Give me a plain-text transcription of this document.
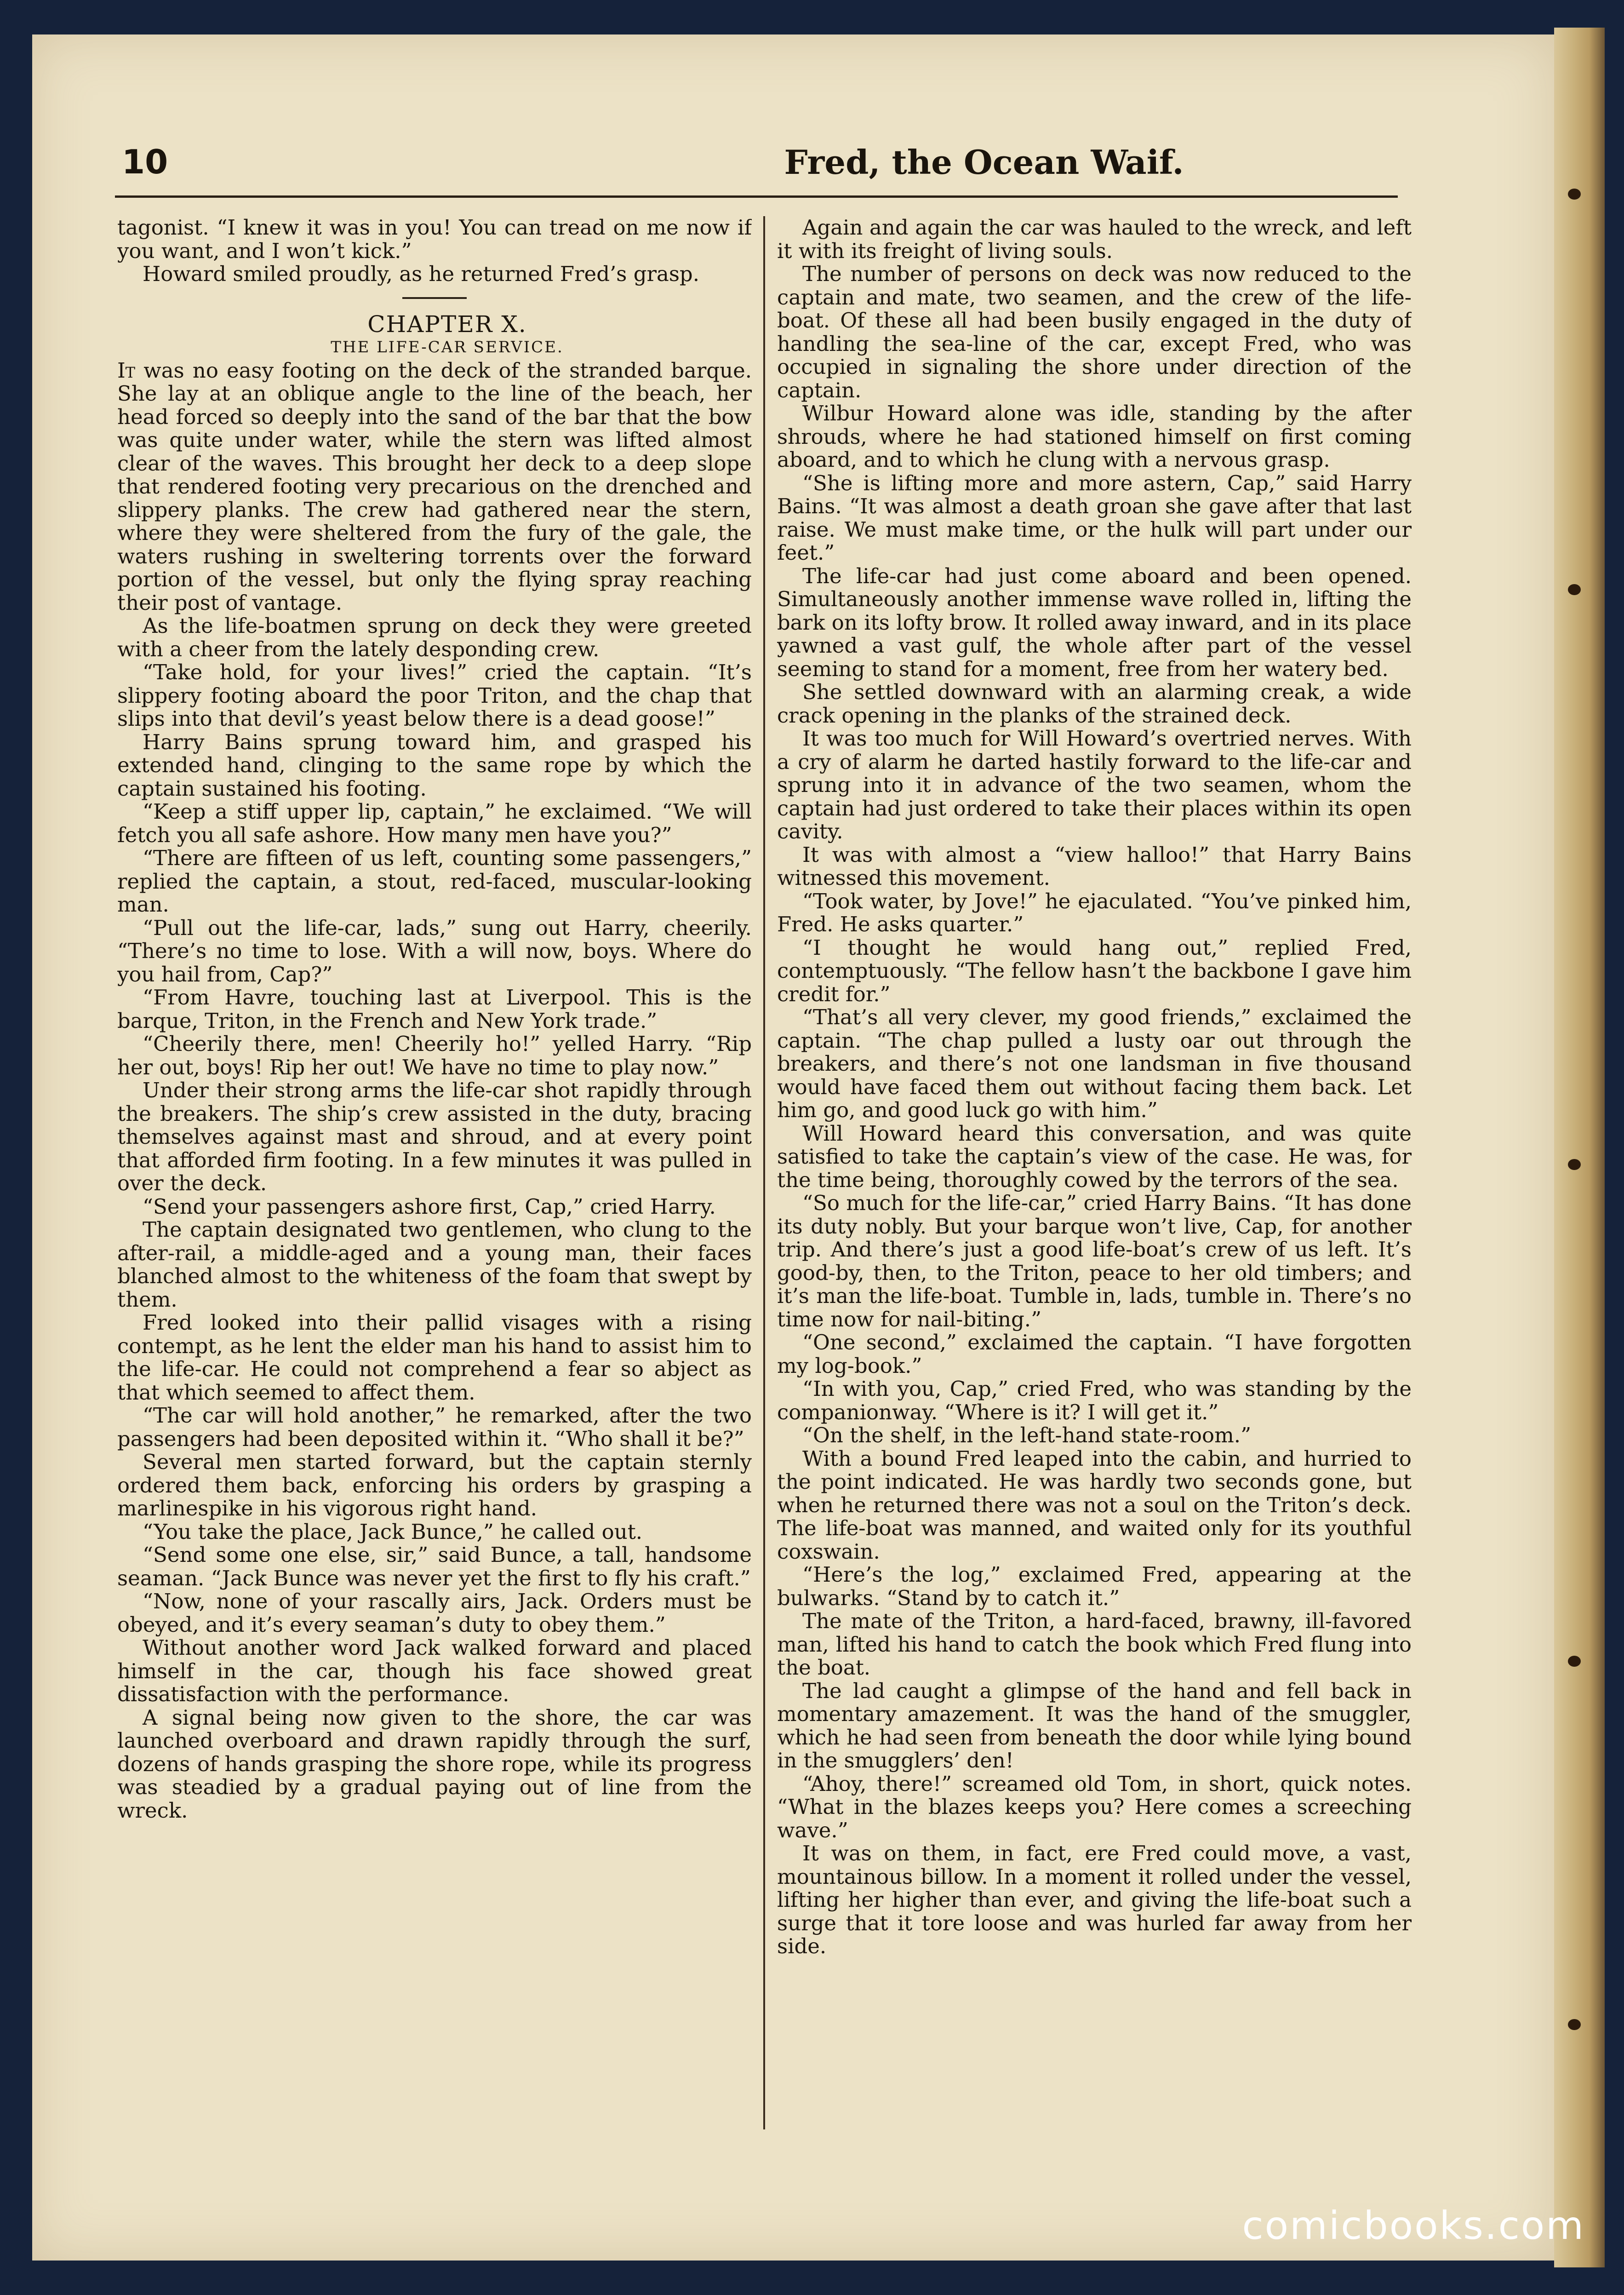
10	Fred, the Ocean Waif.

tagonist. “I knew it was in you! You can tread on me now if you want, and I won’t kick.”

Howard smiled proudly, as he returned Fred’s grasp.

CHAPTER X.

THE LIFE-CAR SERVICE.

It was no easy footing on the deck of the stranded barque. She lay at an oblique angle to the line of the beach, her head forced so deeply into the sand of the bar that the bow was quite under water, while the stern was lifted almost clear of the waves. This brought her deck to a deep slope that rendered footing very precarious on the drenched and slippery planks. The crew had gathered near the stern, where they were sheltered from the fury of the gale, the waters rushing in sweltering torrents over the forward portion of the vessel, but only the flying spray reaching their post of vantage.

As the life-boatmen sprung on deck they were greeted with a cheer from the lately desponding crew.

“Take hold, for your lives!” cried the captain. “It’s slippery footing aboard the poor Triton, and the chap that slips into that devil’s yeast below there is a dead goose!”

Harry Bains sprung toward him, and grasped his extended hand, clinging to the same rope by which the captain sustained his footing.

“Keep a stiff upper lip, captain,” he exclaimed. “We will fetch you all safe ashore. How many men have you?”

“There are fifteen of us left, counting some passengers,” replied the captain, a stout, red-faced, muscular-looking man.

“Pull out the life-car, lads,” sung out Harry, cheerily. “There’s no time to lose. With a will now, boys. Where do you hail from, Cap?”

“From Havre, touching last at Liverpool. This is the barque, Triton, in the French and New York trade.”

“Cheerily there, men! Cheerily ho!” yelled Harry. “Rip her out, boys! Rip her out! We have no time to play now.”

Under their strong arms the life-car shot rapidly through the breakers. The ship’s crew assisted in the duty, bracing themselves against mast and shroud, and at every point that afforded firm footing. In a few minutes it was pulled in over the deck.

“Send your passengers ashore first, Cap,” cried Harry.

The captain designated two gentlemen, who clung to the after-rail, a middle-aged and a young man, their faces blanched almost to the whiteness of the foam that swept by them.

Fred looked into their pallid visages with a rising contempt, as he lent the elder man his hand to assist him to the life-car. He could not comprehend a fear so abject as that which seemed to affect them.

“The car will hold another,” he remarked, after the two passengers had been deposited within it. “Who shall it be?”

Several men started forward, but the captain sternly ordered them back, enforcing his orders by grasping a marlinespike in his vigorous right hand.

“You take the place, Jack Bunce,” he called out.

“Send some one else, sir,” said Bunce, a tall, handsome seaman. “Jack Bunce was never yet the first to fly his craft.”

“Now, none of your rascally airs, Jack. Orders must be obeyed, and it’s every seaman’s duty to obey them.”

Without another word Jack walked forward and placed himself in the car, though his face showed great dissatisfaction with the performance.

A signal being now given to the shore, the car was launched overboard and drawn rapidly through the surf, dozens of hands grasping the shore rope, while its progress was steadied by a gradual paying out of line from the wreck.

Again and again the car was hauled to the wreck, and left it with its freight of living souls.

The number of persons on deck was now reduced to the captain and mate, two seamen, and the crew of the life-boat. Of these all had been busily engaged in the duty of handling the sea-line of the car, except Fred, who was occupied in signaling the shore under direction of the captain.

Wilbur Howard alone was idle, standing by the after shrouds, where he had stationed himself on first coming aboard, and to which he clung with a nervous grasp.

“She is lifting more and more astern, Cap,” said Harry Bains. “It was almost a death groan she gave after that last raise. We must make time, or the hulk will part under our feet.”

The life-car had just come aboard and been opened. Simultaneously another immense wave rolled in, lifting the bark on its lofty brow. It rolled away inward, and in its place yawned a vast gulf, the whole after part of the vessel seeming to stand for a moment, free from her watery bed.

She settled downward with an alarming creak, a wide crack opening in the planks of the strained deck.

It was too much for Will Howard’s overtried nerves. With a cry of alarm he darted hastily forward to the life-car and sprung into it in advance of the two seamen, whom the captain had just ordered to take their places within its open cavity.

It was with almost a “view halloo!” that Harry Bains witnessed this movement.

“Took water, by Jove!” he ejaculated. “You’ve pinked him, Fred. He asks quarter.”

“I thought he would hang out,” replied Fred, contemptuously. “The fellow hasn’t the backbone I gave him credit for.”

“That’s all very clever, my good friends,” exclaimed the captain. “The chap pulled a lusty oar out through the breakers, and there’s not one landsman in five thousand would have faced them out without facing them back. Let him go, and good luck go with him.”

Will Howard heard this conversation, and was quite satisfied to take the captain’s view of the case. He was, for the time being, thoroughly cowed by the terrors of the sea.

“So much for the life-car,” cried Harry Bains. “It has done its duty nobly. But your barque won’t live, Cap, for another trip. And there’s just a good life-boat’s crew of us left. It’s good-by, then, to the Triton, peace to her old timbers; and it’s man the life-boat. Tumble in, lads, tumble in. There’s no time now for nail-biting.”

“One second,” exclaimed the captain. “I have forgotten my log-book.”

“In with you, Cap,” cried Fred, who was standing by the companionway. “Where is it? I will get it.”

“On the shelf, in the left-hand state-room.”

With a bound Fred leaped into the cabin, and hurried to the point indicated. He was hardly two seconds gone, but when he returned there was not a soul on the Triton’s deck. The life-boat was manned, and waited only for its youthful coxswain.

“Here’s the log,” exclaimed Fred, appearing at the bulwarks. “Stand by to catch it.”

The mate of the Triton, a hard-faced, brawny, ill-favored man, lifted his hand to catch the book which Fred flung into the boat.

The lad caught a glimpse of the hand and fell back in momentary amazement. It was the hand of the smuggler, which he had seen from beneath the door while lying bound in the smugglers’ den!

“Ahoy, there!” screamed old Tom, in short, quick notes. “What in the blazes keeps you? Here comes a screeching wave.”

It was on them, in fact, ere Fred could move, a vast, mountainous billow. In a moment it rolled under the vessel, lifting her higher than ever, and giving the life-boat such a surge that it tore loose and was hurled far away from her side.

comicbooks.com
